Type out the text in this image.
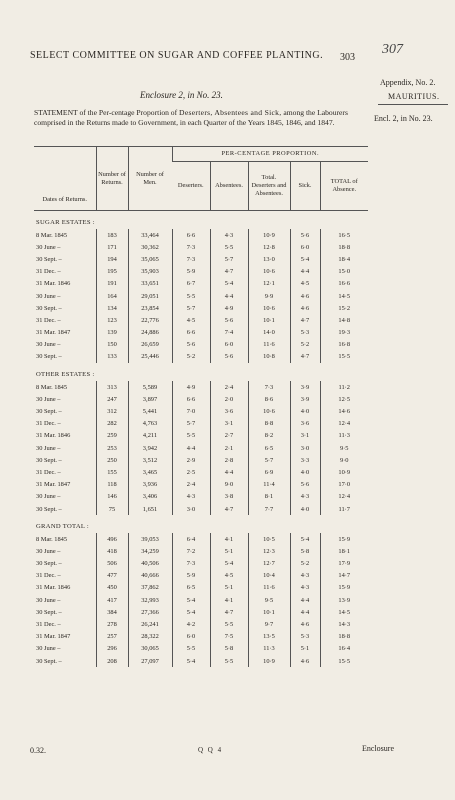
SELECT COMMITTEE ON SUGAR AND COFFEE PLANTING. 303
307
Appendix, No. 2.
MAURITIUS.
Encl. 2, in No. 23.
Enclosure 2, in No. 23.
STATEMENT of the Per-centage Proportion of Deserters, Absentees and Sick, among the Labourers comprised in the Returns made to Government, in each Quarter of the Years 1845, 1846, and 1847.
Dates of Returns.	Number of Returns.	Number of Men.	PER-CENTAGE PROPORTION.				
			Deserters.	Absentees.	Total. Deserters and Absentees.	Sick.	TOTAL of Absence.
SUGAR ESTATES :							
8 Mar. 1845	183	33,464	6·6	4·3	10·9	5·6	16·5
30 June –	171	30,362	7·3	5·5	12·8	6·0	18·8
30 Sept. –	194	35,065	7·3	5·7	13·0	5·4	18·4
31 Dec. –	195	35,903	5·9	4·7	10·6	4·4	15·0
31 Mar. 1846	191	33,651	6·7	5·4	12·1	4·5	16·6
30 June –	164	29,051	5·5	4·4	9·9	4·6	14·5
30 Sept. –	134	23,854	5·7	4·9	10·6	4·6	15·2
31 Dec. –	123	22,776	4·5	5·6	10·1	4·7	14·8
31 Mar. 1847	139	24,886	6·6	7·4	14·0	5·3	19·3
30 June –	150	26,659	5·6	6·0	11·6	5·2	16·8
30 Sept. –	133	25,446	5·2	5·6	10·8	4·7	15·5
OTHER ESTATES :							
8 Mar. 1845	313	5,589	4·9	2·4	7·3	3·9	11·2
30 June –	247	3,897	6·6	2·0	8·6	3·9	12·5
30 Sept. –	312	5,441	7·0	3·6	10·6	4·0	14·6
31 Dec. –	282	4,763	5·7	3·1	8·8	3·6	12·4
31 Mar. 1846	259	4,211	5·5	2·7	8·2	3·1	11·3
30 June –	253	3,942	4·4	2·1	6·5	3·0	9·5
30 Sept. –	250	3,512	2·9	2·8	5·7	3·3	9·0
31 Dec. –	155	3,465	2·5	4·4	6·9	4·0	10·9
31 Mar. 1847	118	3,936	2·4	9·0	11·4	5·6	17·0
30 June –	146	3,406	4·3	3·8	8·1	4·3	12·4
30 Sept. –	75	1,651	3·0	4·7	7·7	4·0	11·7
GRAND TOTAL :							
8 Mar. 1845	496	39,053	6·4	4·1	10·5	5·4	15·9
30 June –	418	34,259	7·2	5·1	12·3	5·8	18·1
30 Sept. –	506	40,506	7·3	5·4	12·7	5·2	17·9
31 Dec. –	477	40,666	5·9	4·5	10·4	4·3	14·7
31 Mar. 1846	450	37,862	6·5	5·1	11·6	4·3	15·9
30 June –	417	32,993	5·4	4·1	9·5	4·4	13·9
30 Sept. –	384	27,366	5·4	4·7	10·1	4·4	14·5
31 Dec. –	278	26,241	4·2	5·5	9·7	4·6	14·3
31 Mar. 1847	257	28,322	6·0	7·5	13·5	5·3	18·8
30 June –	296	30,065	5·5	5·8	11·3	5·1	16·4
30 Sept. –	208	27,097	5·4	5·5	10·9	4·6	15·5
0.32.	Q Q 4	Enclosure
